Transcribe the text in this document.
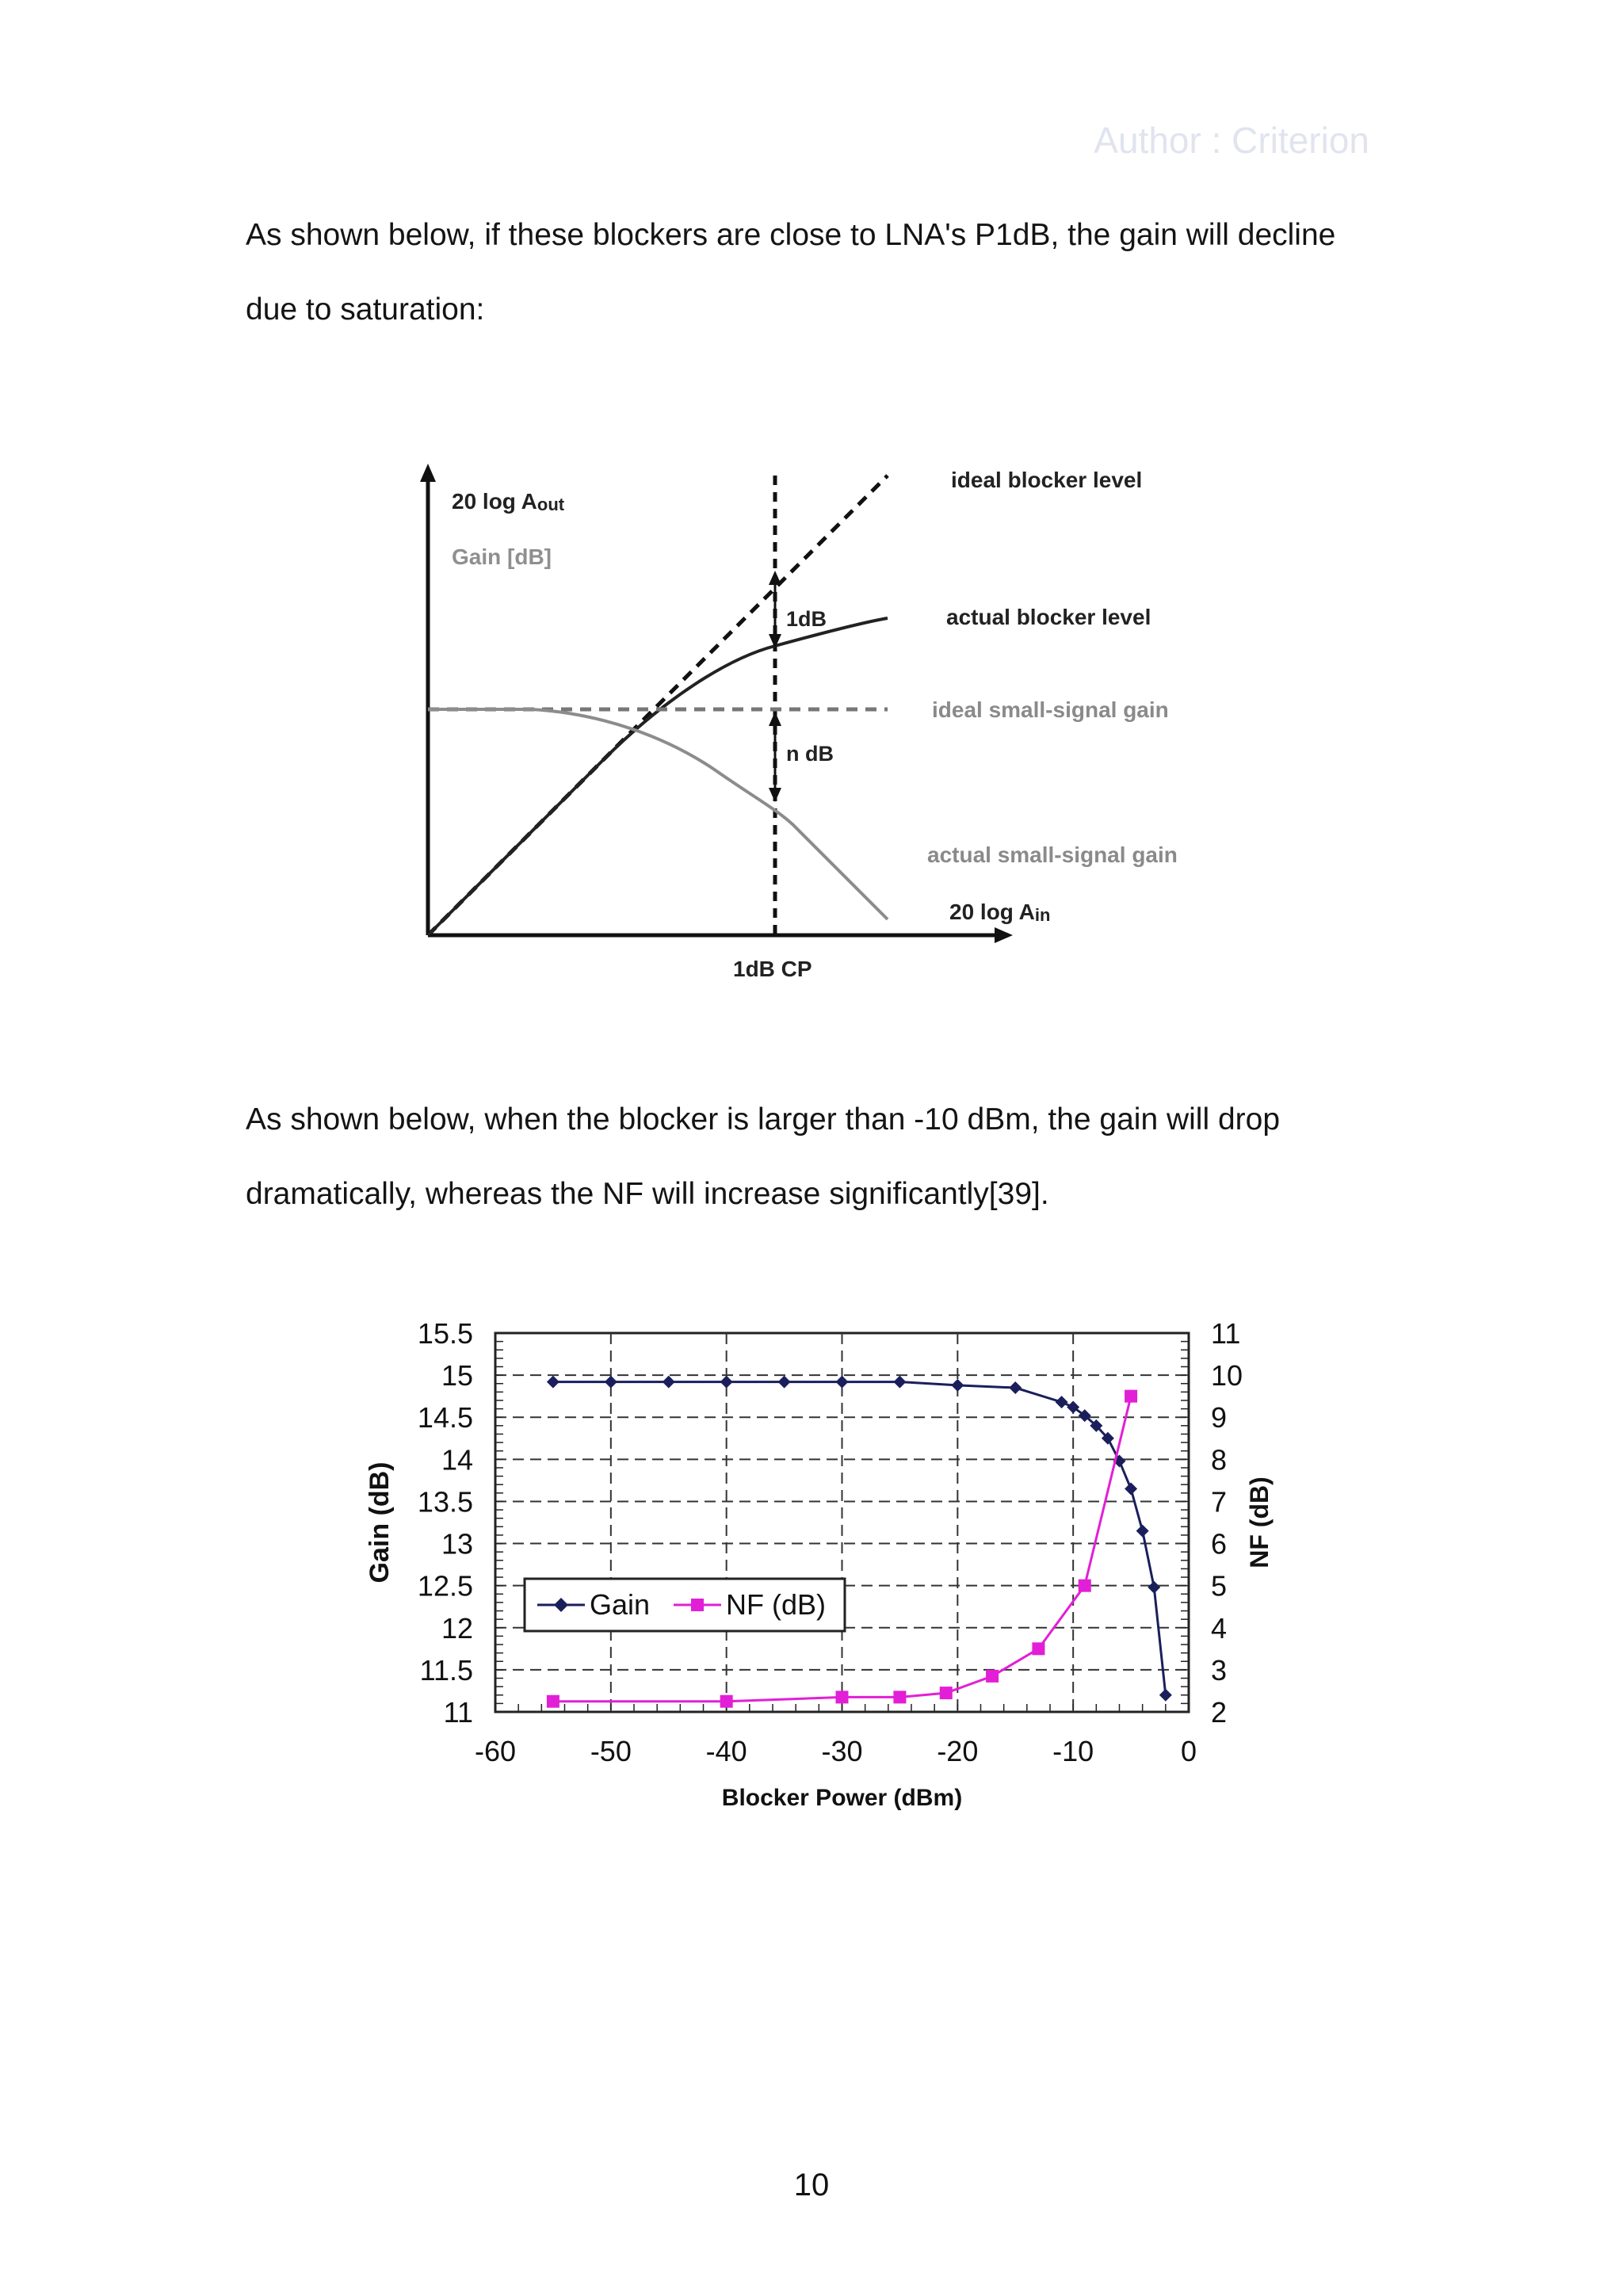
Author : Criterion
As shown below, if these blockers are close to LNA's P1dB, the gain will decline due to saturation:
20 log Aout
Gain [dB]
1dB
n dB
ideal blocker level
actual blocker level
ideal small-signal gain
actual small-signal gain
20 log Ain
1dB CP
As shown below, when the blocker is larger than -10 dBm, the gain will drop dramatically, whereas the NF will increase significantly[39].
-60	-50	-40	-30	-20	-10	0
11
11.5
12
12.5
13
13.5
14
14.5
15
15.5
2
3
4
5
6
7
8
9
10
11
Blocker Power (dBm)
Gain (dB)	NF (dB)
Gain	NF (dB)
10
